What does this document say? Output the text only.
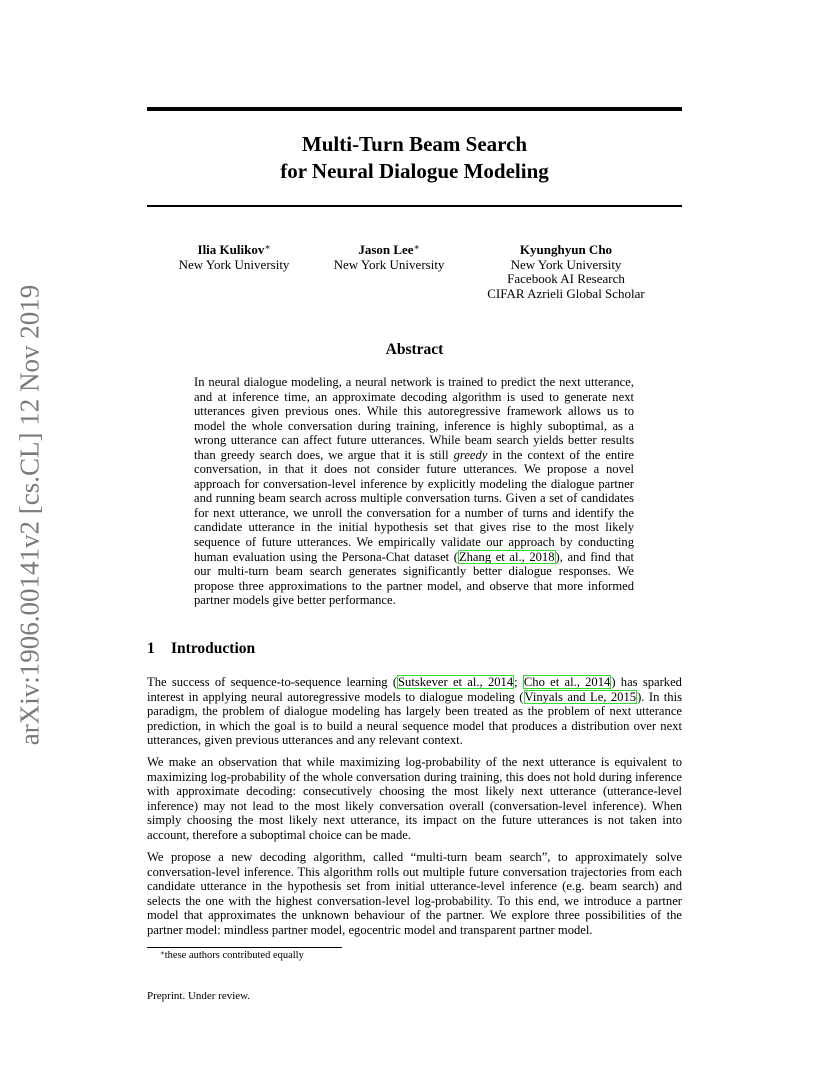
arXiv:1906.00141v2 [cs.CL] 12 Nov 2019
Multi-Turn Beam Search
for Neural Dialogue Modeling
Ilia Kulikov∗
New York University
Jason Lee∗
New York University
Kyunghyun Cho
New York University
Facebook AI Research
CIFAR Azrieli Global Scholar
Abstract
In neural dialogue modeling, a neural network is trained to predict the next utterance, and at inference time, an approximate decoding algorithm is used to generate next utterances given previous ones. While this autoregressive framework allows us to model the whole conversation during training, inference is highly suboptimal, as a wrong utterance can affect future utterances. While beam search yields better results than greedy search does, we argue that it is still greedy in the context of the entire conversation, in that it does not consider future utterances. We propose a novel approach for conversation-level inference by explicitly modeling the dialogue partner and running beam search across multiple conversation turns. Given a set of candidates for next utterance, we unroll the conversation for a number of turns and identify the candidate utterance in the initial hypothesis set that gives rise to the most likely sequence of future utterances. We empirically validate our approach by conducting human evaluation using the Persona-Chat dataset (Zhang et al., 2018), and find that our multi-turn beam search generates significantly better dialogue responses. We propose three approximations to the partner model, and observe that more informed partner models give better performance.
1 Introduction
The success of sequence-to-sequence learning (Sutskever et al., 2014; Cho et al., 2014) has sparked interest in applying neural autoregressive models to dialogue modeling (Vinyals and Le, 2015). In this paradigm, the problem of dialogue modeling has largely been treated as the problem of next utterance prediction, in which the goal is to build a neural sequence model that produces a distribution over next utterances, given previous utterances and any relevant context.
We make an observation that while maximizing log-probability of the next utterance is equivalent to maximizing log-probability of the whole conversation during training, this does not hold during inference with approximate decoding: consecutively choosing the most likely next utterance (utterance-level inference) may not lead to the most likely conversation overall (conversation-level inference). When simply choosing the most likely next utterance, its impact on the future utterances is not taken into account, therefore a suboptimal choice can be made.
We propose a new decoding algorithm, called “multi-turn beam search”, to approximately solve conversation-level inference. This algorithm rolls out multiple future conversation trajectories from each candidate utterance in the hypothesis set from initial utterance-level inference (e.g. beam search) and selects the one with the highest conversation-level log-probability. To this end, we introduce a partner model that approximates the unknown behaviour of the partner. We explore three possibilities of the partner model: mindless partner model, egocentric model and transparent partner model.
∗these authors contributed equally
Preprint. Under review.
